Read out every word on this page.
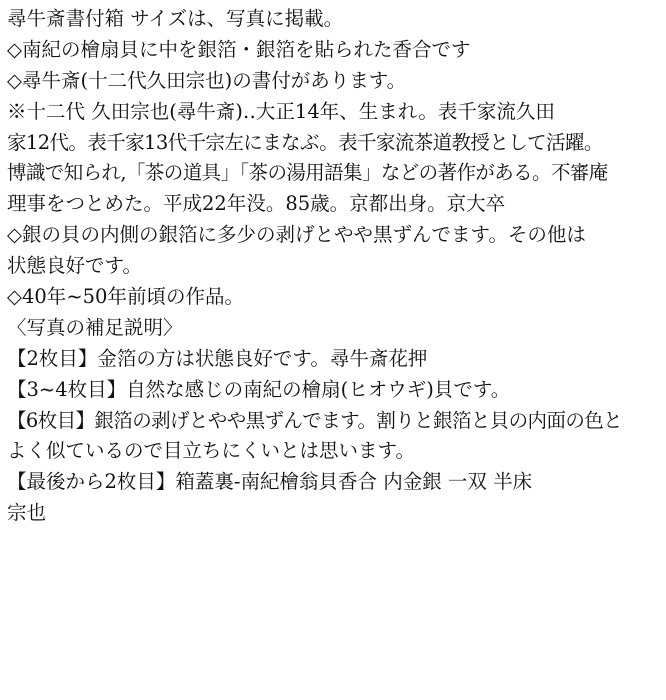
尋牛斎書付箱 サイズは、写真に掲載。
◇南紀の檜扇貝に中を銀箔・銀箔を貼られた香合です
◇尋牛斎(十二代久田宗也)の書付があります。
※十二代 久田宗也(尋牛斎)‥大正14年、生まれ。表千家流久田
家12代。表千家13代千宗左にまなぶ。表千家流茶道教授として活躍。
博識で知られ,「茶の道具」「茶の湯用語集」などの著作がある。不審庵
理事をつとめた。平成22年没。85歳。京都出身。京大卒
◇銀の貝の内側の銀箔に多少の剥げとやや黒ずんでます。その他は
状態良好です。
◇40年~50年前頃の作品。
〈写真の補足説明〉
【2枚目】金箔の方は状態良好です。尋牛斎花押
【3~4枚目】自然な感じの南紀の檜扇(ヒオウギ)貝です。
【6枚目】銀箔の剥げとやや黒ずんでます。割りと銀箔と貝の内面の色と
よく似ているので目立ちにくいとは思います。
【最後から2枚目】箱蓋裏-南紀檜翁貝香合 内金銀 一双 半床
宗也
